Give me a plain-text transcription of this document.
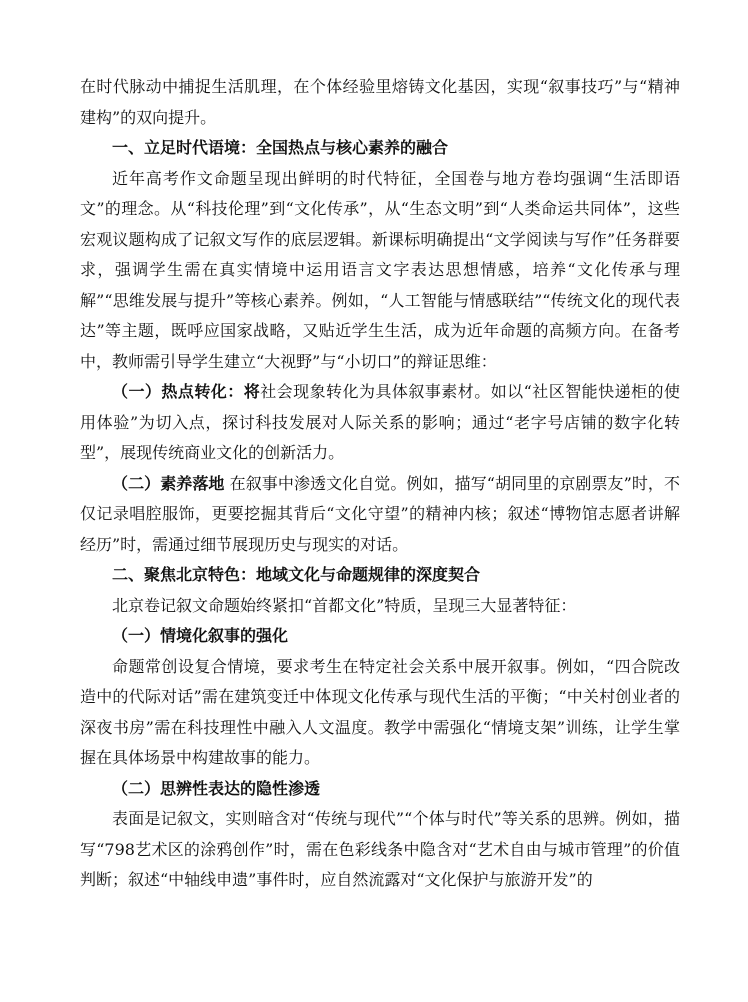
在时代脉动中捕捉生活肌理，在个体经验里熔铸文化基因，实现“叙事技巧”与“精神建构”的双向提升。

一、立足时代语境：全国热点与核心素养的融合

近年高考作文命题呈现出鲜明的时代特征，全国卷与地方卷均强调“生活即语文”的理念。从“科技伦理”到“文化传承”，从“生态文明”到“人类命运共同体”，这些宏观议题构成了记叙文写作的底层逻辑。新课标明确提出“文学阅读与写作”任务群要求，强调学生需在真实情境中运用语言文字表达思想情感，培养“文化传承与理解”“思维发展与提升”等核心素养。例如，“人工智能与情感联结”“传统文化的现代表达”等主题，既呼应国家战略，又贴近学生生活，成为近年命题的高频方向。在备考中，教师需引导学生建立“大视野”与“小切口”的辩证思维：

（一）热点转化：将社会现象转化为具体叙事素材。如以“社区智能快递柜的使用体验”为切入点，探讨科技发展对人际关系的影响；通过“老字号店铺的数字化转型”，展现传统商业文化的创新活力。

（二）素养落地 在叙事中渗透文化自觉。例如，描写“胡同里的京剧票友”时，不仅记录唱腔服饰，更要挖掘其背后“文化守望”的精神内核；叙述“博物馆志愿者讲解经历”时，需通过细节展现历史与现实的对话。

二、聚焦北京特色：地域文化与命题规律的深度契合

北京卷记叙文命题始终紧扣“首都文化”特质，呈现三大显著特征：

（一）情境化叙事的强化

命题常创设复合情境，要求考生在特定社会关系中展开叙事。例如，“四合院改造中的代际对话”需在建筑变迁中体现文化传承与现代生活的平衡；“中关村创业者的深夜书房”需在科技理性中融入人文温度。教学中需强化“情境支架”训练，让学生掌握在具体场景中构建故事的能力。

（二）思辨性表达的隐性渗透

表面是记叙文，实则暗含对“传统与现代”“个体与时代”等关系的思辨。例如，描写“798艺术区的涂鸦创作”时，需在色彩线条中隐含对“艺术自由与城市管理”的价值判断；叙述“中轴线申遗”事件时，应自然流露对“文化保护与旅游开发”的
